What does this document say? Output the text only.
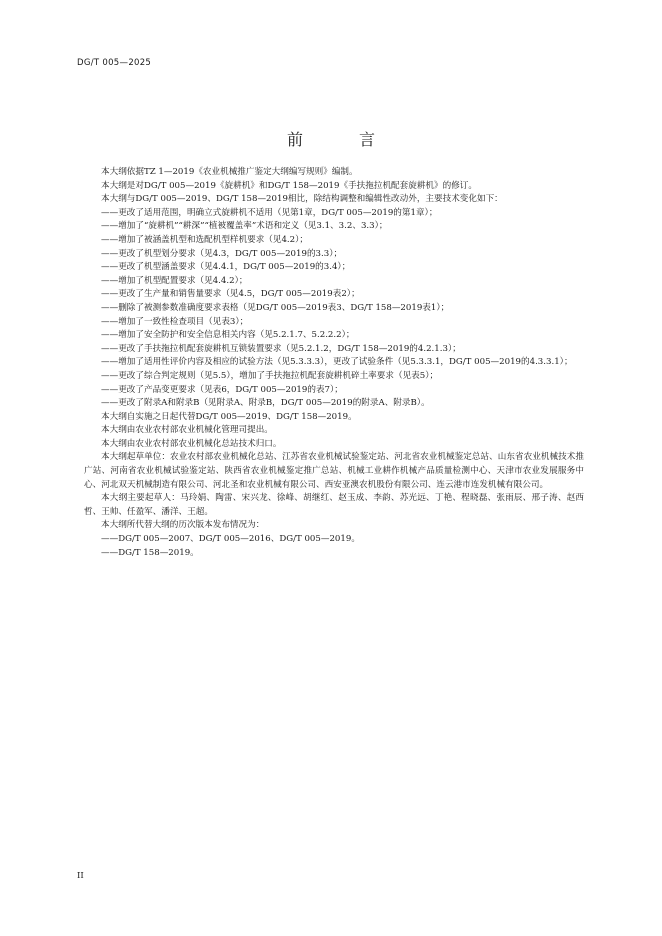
DG/T 005—2025
前　言

本大纲依据TZ 1—2019《农业机械推广鉴定大纲编写规则》编制。

本大纲是对DG/T 005—2019《旋耕机》和DG/T 158—2019《手扶拖拉机配套旋耕机》的修订。

本大纲与DG/T 005—2019、DG/T 158—2019相比，除结构调整和编辑性改动外，主要技术变化如下：

——更改了适用范围，明确立式旋耕机不适用（见第1章，DG/T 005—2019的第1章）；

——增加了“旋耕机”“耕深”“植被覆盖率”术语和定义（见3.1、3.2、3.3）；

——增加了被涵盖机型和选配机型样机要求（见4.2）；

——更改了机型划分要求（见4.3，DG/T 005—2019的3.3）；

——更改了机型涵盖要求（见4.4.1，DG/T 005—2019的3.4）；

——增加了机型配置要求（见4.4.2）；

——更改了生产量和销售量要求（见4.5，DG/T 005—2019表2）；

——删除了被测参数准确度要求表格（见DG/T 005—2019表3、DG/T 158—2019表1）；

——增加了一致性检查项目（见表3）；

——增加了安全防护和安全信息相关内容（见5.2.1.7、5.2.2.2）；

——更改了手扶拖拉机配套旋耕机互锁装置要求（见5.2.1.2，DG/T 158—2019的4.2.1.3）；

——增加了适用性评价内容及相应的试验方法（见5.3.3.3），更改了试验条件（见5.3.3.1，DG/T 005—2019的4.3.3.1）；

——更改了综合判定规则（见5.5），增加了手扶拖拉机配套旋耕机碎土率要求（见表5）；

——更改了产品变更要求（见表6，DG/T 005—2019的表7）；

——更改了附录A和附录B（见附录A、附录B，DG/T 005—2019的附录A、附录B）。

本大纲自实施之日起代替DG/T 005—2019、DG/T 158—2019。

本大纲由农业农村部农业机械化管理司提出。

本大纲由农业农村部农业机械化总站技术归口。

本大纲起草单位：农业农村部农业机械化总站、江苏省农业机械试验鉴定站、河北省农业机械鉴定总站、山东省农业机械技术推广站、河南省农业机械试验鉴定站、陕西省农业机械鉴定推广总站、机械工业耕作机械产品质量检测中心、天津市农业发展服务中心、河北双天机械制造有限公司、河北圣和农业机械有限公司、西安亚澳农机股份有限公司、连云港市连发机械有限公司。

本大纲主要起草人：马玲娟、陶雷、宋兴龙、徐峰、胡继红、赵玉成、李韵、苏光远、丁艳、程晓磊、张雨辰、邢子涛、赵西哲、王帅、任盈军、潘洋、王超。

本大纲所代替大纲的历次版本发布情况为：

——DG/T 005—2007、DG/T 005—2016、DG/T 005—2019。

——DG/T 158—2019。

II
